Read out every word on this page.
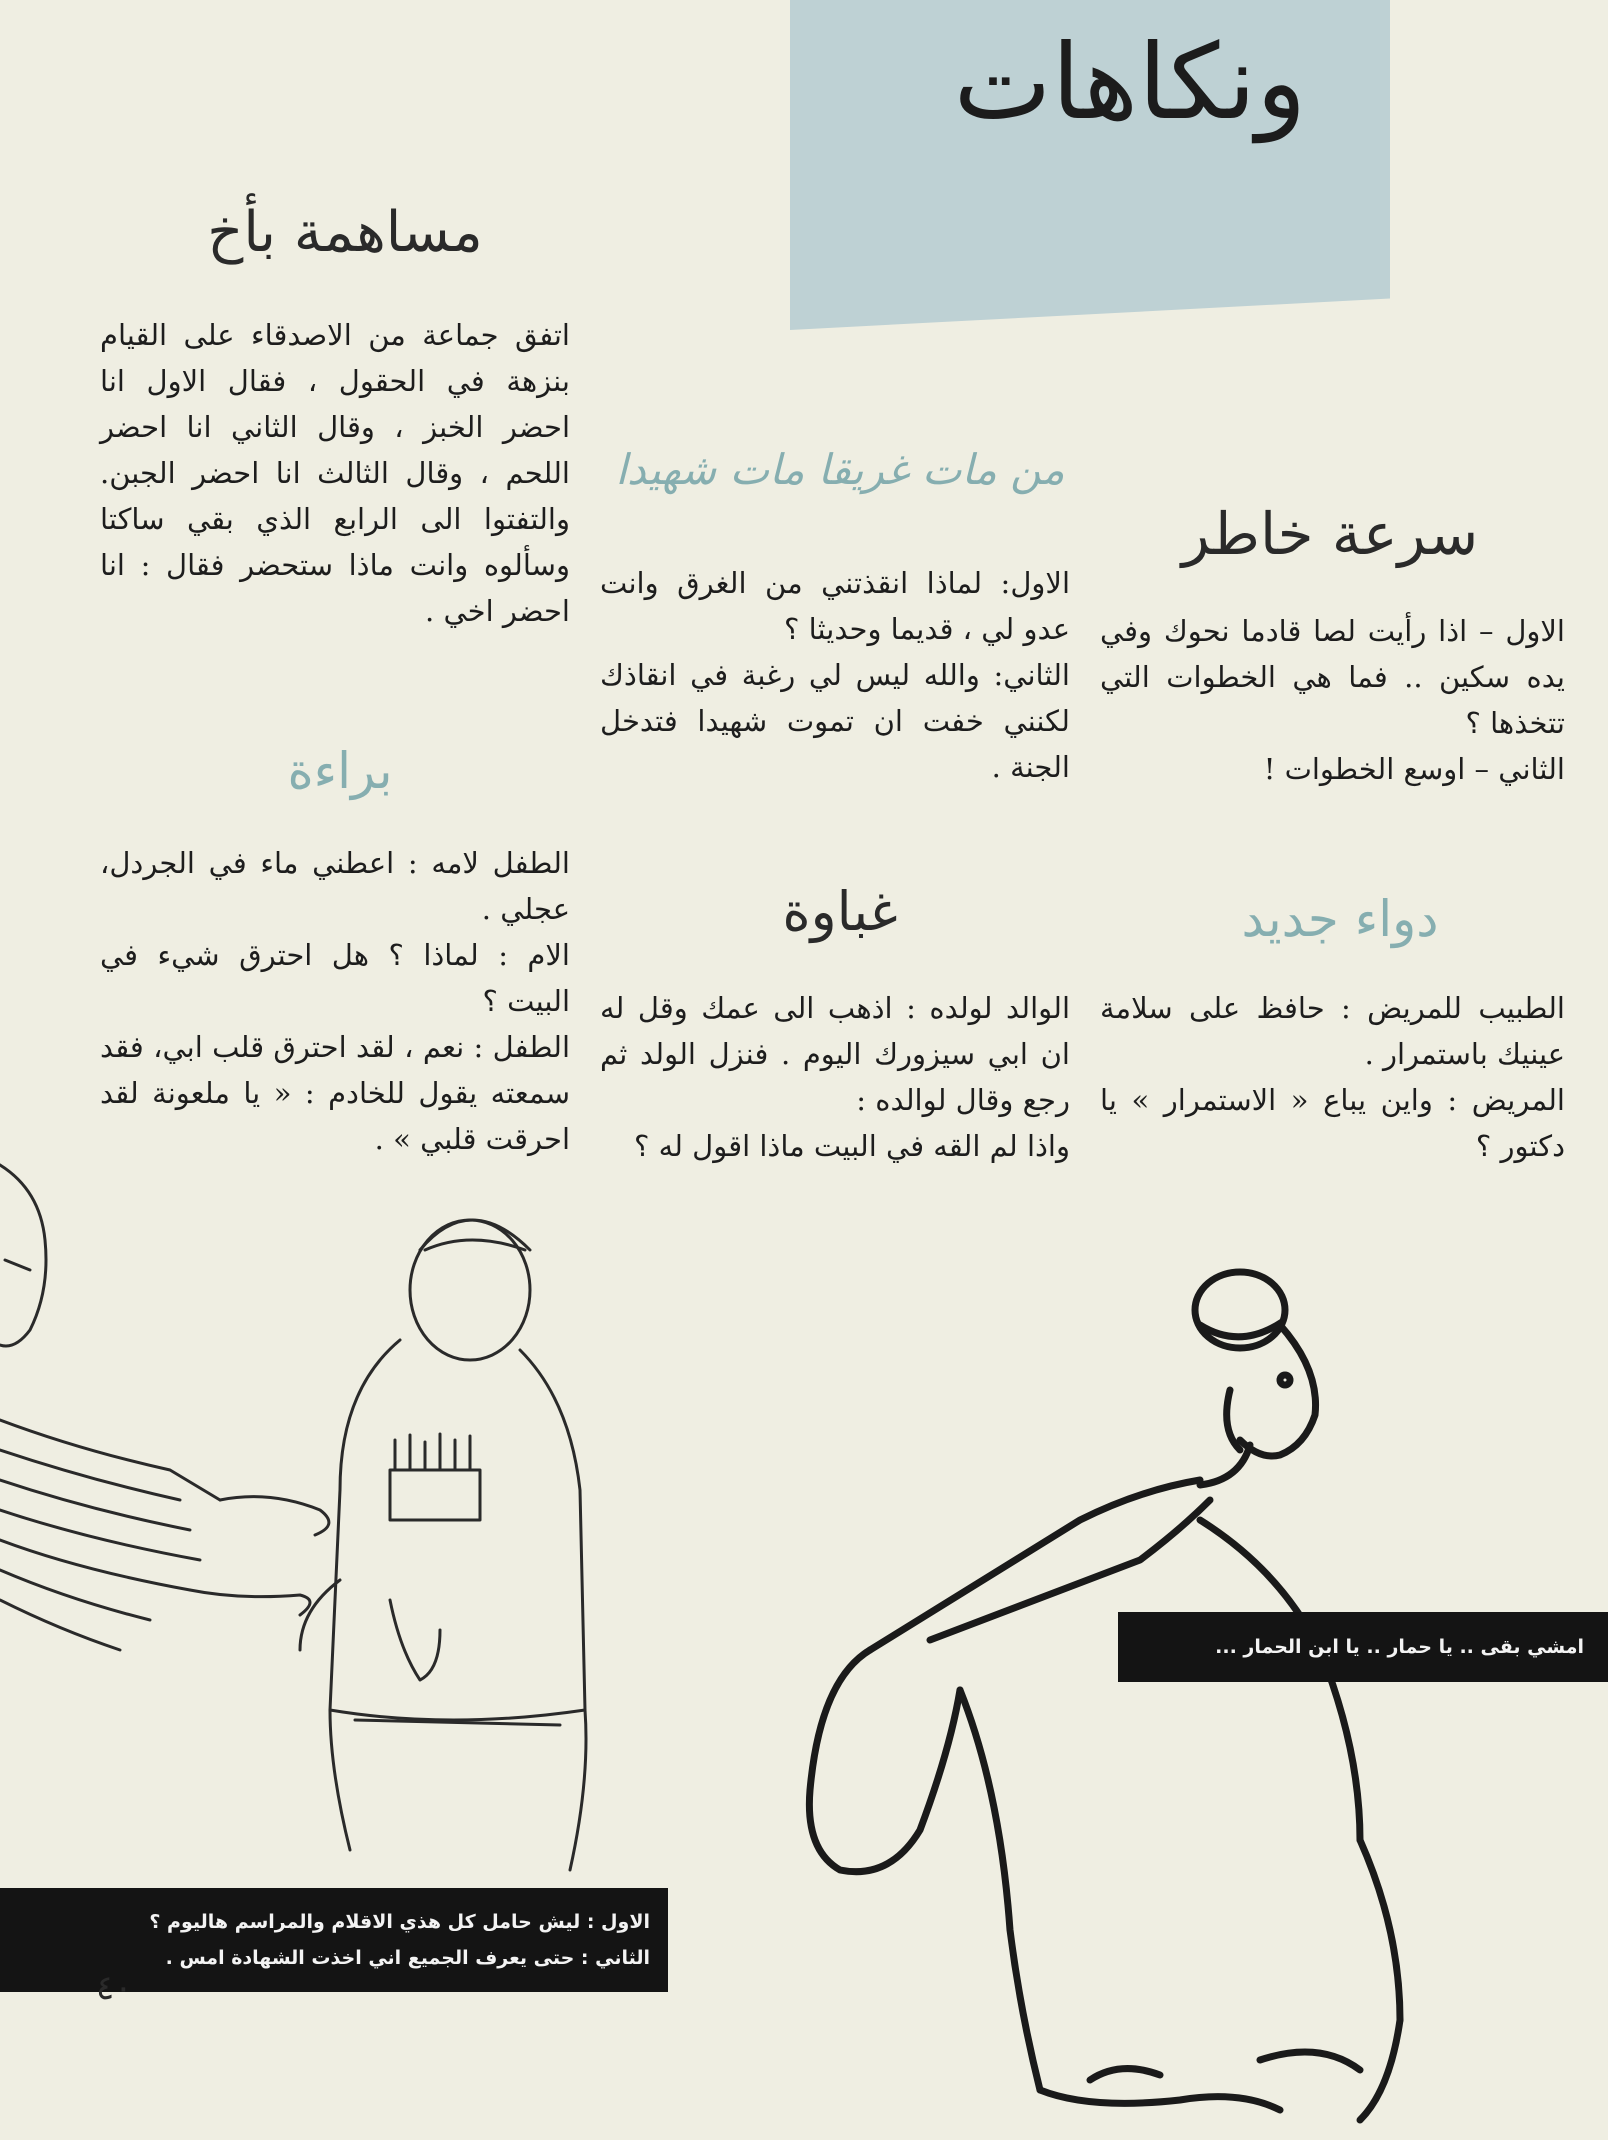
ونكاهات
مساهمة بأخ

اتفق جماعة من الاصدقاء على القيام بنزهة في الحقول ، فقال الاول انا احضر الخبز ، وقال الثاني انا احضر اللحم ، وقال الثالث انا احضر الجبن. والتفتوا الى الرابع الذي بقي ساكتا وسألوه وانت ماذا ستحضر فقال : انا احضر اخي .

من مات غريقا مات شهيدا

الاول: لماذا انقذتني من الغرق وانت عدو لي ، قديما وحديثا ؟

الثاني: والله ليس لي رغبة في انقاذك لكنني خفت ان تموت شهيدا فتدخل الجنة .

سرعة خاطر

الاول – اذا رأيت لصا قادما نحوك وفي يده سكين .. فما هي الخطوات التي تتخذها ؟

الثاني – اوسع الخطوات !

براءة

الطفل لامه : اعطني ماء في الجردل، عجلي .

الام : لماذا ؟ هل احترق شيء في البيت ؟

الطفل : نعم ، لقد احترق قلب ابي، فقد سمعته يقول للخادم : « يا ملعونة لقد احرقت قلبي » .

غباوة

الوالد لولده : اذهب الى عمك وقل له ان ابي سيزورك اليوم . فنزل الولد ثم رجع وقال لوالده :

واذا لم القه في البيت ماذا اقول له ؟

دواء جديد

الطبيب للمريض : حافظ على سلامة عينيك باستمرار .

المريض : واين يباع « الاستمرار » يا دكتور ؟

امشي بقى .. يا حمار .. يا ابن الحمار ...

الاول : ليش حامل كل هذي الاقلام والمراسم هاليوم ؟

الثاني : حتى يعرف الجميع اني اخذت الشهادة امس .

٤٠
